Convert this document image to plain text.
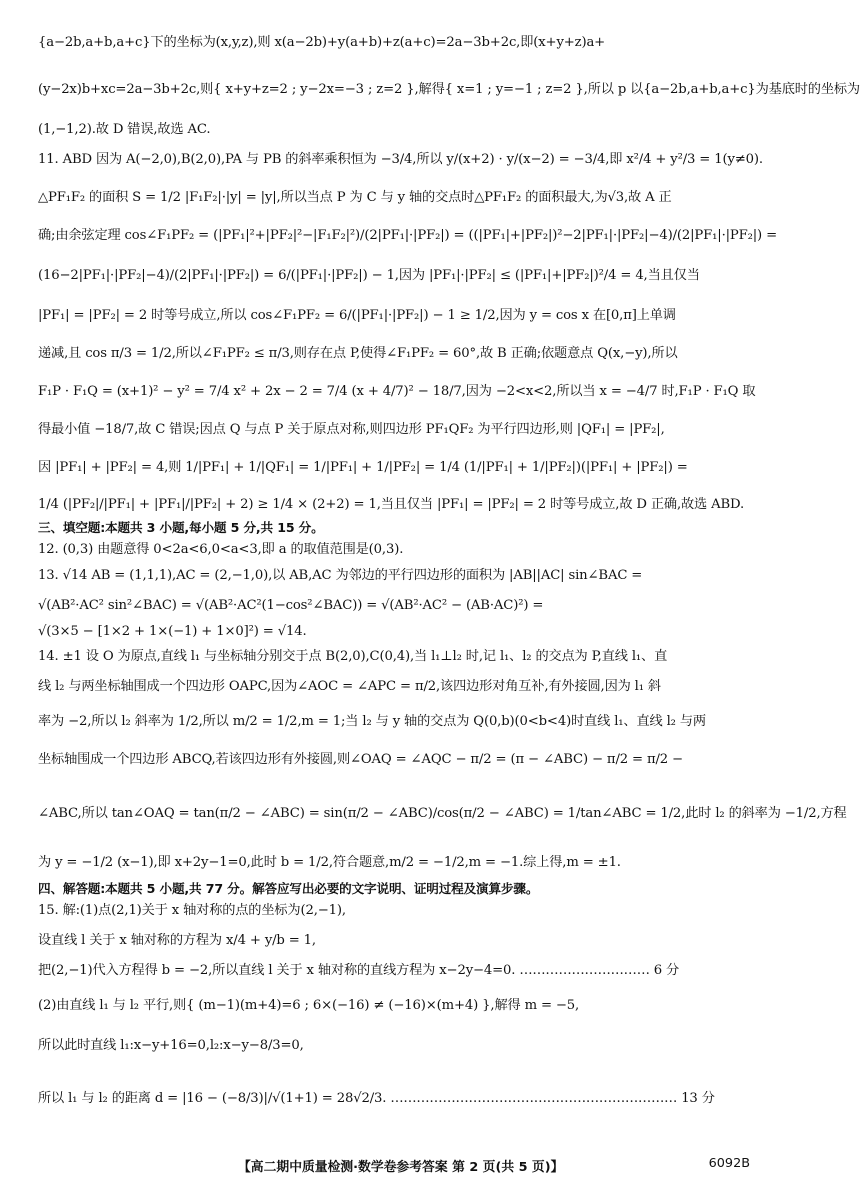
{a−2b,a+b,a+c}下的坐标为(x,y,z),则 x(a−2b)+y(a+b)+z(a+c)=2a−3b+2c,即(x+y+z)a+
(y−2x)b+xc=2a−3b+2c,则{ x+y+z=2 ; y−2x=−3 ; z=2 },解得{ x=1 ; y=−1 ; z=2 },所以 p 以{a−2b,a+b,a+c}为基底时的坐标为
(1,−1,2).故 D 错误,故选 AC.
11. ABD 因为 A(−2,0),B(2,0),PA 与 PB 的斜率乘积恒为 −3/4,所以 y/(x+2) · y/(x−2) = −3/4,即 x²/4 + y²/3 = 1(y≠0).
△PF₁F₂ 的面积 S = 1/2 |F₁F₂|·|y| = |y|,所以当点 P 为 C 与 y 轴的交点时△PF₁F₂ 的面积最大,为√3,故 A 正
确;由余弦定理 cos∠F₁PF₂ = (|PF₁|²+|PF₂|²−|F₁F₂|²)/(2|PF₁|·|PF₂|) = ((|PF₁|+|PF₂|)²−2|PF₁|·|PF₂|−4)/(2|PF₁|·|PF₂|) =
(16−2|PF₁|·|PF₂|−4)/(2|PF₁|·|PF₂|) = 6/(|PF₁|·|PF₂|) − 1,因为 |PF₁|·|PF₂| ≤ (|PF₁|+|PF₂|)²/4 = 4,当且仅当
|PF₁| = |PF₂| = 2 时等号成立,所以 cos∠F₁PF₂ = 6/(|PF₁|·|PF₂|) − 1 ≥ 1/2,因为 y = cos x 在[0,π]上单调
递减,且 cos π/3 = 1/2,所以∠F₁PF₂ ≤ π/3,则存在点 P,使得∠F₁PF₂ = 60°,故 B 正确;依题意点 Q(x,−y),所以
F₁P · F₁Q = (x+1)² − y² = 7/4 x² + 2x − 2 = 7/4 (x + 4/7)² − 18/7,因为 −2<x<2,所以当 x = −4/7 时,F₁P · F₁Q 取
得最小值 −18/7,故 C 错误;因点 Q 与点 P 关于原点对称,则四边形 PF₁QF₂ 为平行四边形,则 |QF₁| = |PF₂|,
因 |PF₁| + |PF₂| = 4,则 1/|PF₁| + 1/|QF₁| = 1/|PF₁| + 1/|PF₂| = 1/4 (1/|PF₁| + 1/|PF₂|)(|PF₁| + |PF₂|) =
1/4 (|PF₂|/|PF₁| + |PF₁|/|PF₂| + 2) ≥ 1/4 × (2+2) = 1,当且仅当 |PF₁| = |PF₂| = 2 时等号成立,故 D 正确,故选 ABD.
三、填空题:本题共 3 小题,每小题 5 分,共 15 分。
12. (0,3) 由题意得 0<2a<6,0<a<3,即 a 的取值范围是(0,3).
13. √14 AB = (1,1,1),AC = (2,−1,0),以 AB,AC 为邻边的平行四边形的面积为 |AB||AC| sin∠BAC =
√(AB²·AC² sin²∠BAC) = √(AB²·AC²(1−cos²∠BAC)) = √(AB²·AC² − (AB·AC)²) =
√(3×5 − [1×2 + 1×(−1) + 1×0]²) = √14.
14. ±1 设 O 为原点,直线 l₁ 与坐标轴分别交于点 B(2,0),C(0,4),当 l₁⊥l₂ 时,记 l₁、l₂ 的交点为 P,直线 l₁、直
线 l₂ 与两坐标轴围成一个四边形 OAPC,因为∠AOC = ∠APC = π/2,该四边形对角互补,有外接圆,因为 l₁ 斜
率为 −2,所以 l₂ 斜率为 1/2,所以 m/2 = 1/2,m = 1;当 l₂ 与 y 轴的交点为 Q(0,b)(0<b<4)时直线 l₁、直线 l₂ 与两
坐标轴围成一个四边形 ABCQ,若该四边形有外接圆,则∠OAQ = ∠AQC − π/2 = (π − ∠ABC) − π/2 = π/2 −
∠ABC,所以 tan∠OAQ = tan(π/2 − ∠ABC) = sin(π/2 − ∠ABC)/cos(π/2 − ∠ABC) = 1/tan∠ABC = 1/2,此时 l₂ 的斜率为 −1/2,方程
为 y = −1/2 (x−1),即 x+2y−1=0,此时 b = 1/2,符合题意,m/2 = −1/2,m = −1.综上得,m = ±1.
四、解答题:本题共 5 小题,共 77 分。解答应写出必要的文字说明、证明过程及演算步骤。
15. 解:(1)点(2,1)关于 x 轴对称的点的坐标为(2,−1),
设直线 l 关于 x 轴对称的方程为 x/4 + y/b = 1,
把(2,−1)代入方程得 b = −2,所以直线 l 关于 x 轴对称的直线方程为 x−2y−4=0. ………………………… 6 分
(2)由直线 l₁ 与 l₂ 平行,则{ (m−1)(m+4)=6 ; 6×(−16) ≠ (−16)×(m+4) },解得 m = −5,
所以此时直线 l₁:x−y+16=0,l₂:x−y−8/3=0,
所以 l₁ 与 l₂ 的距离 d = |16 − (−8/3)|/√(1+1) = 28√2/3. ………………………………………………………… 13 分
【高二期中质量检测·数学卷参考答案 第 2 页(共 5 页)】	6092B
